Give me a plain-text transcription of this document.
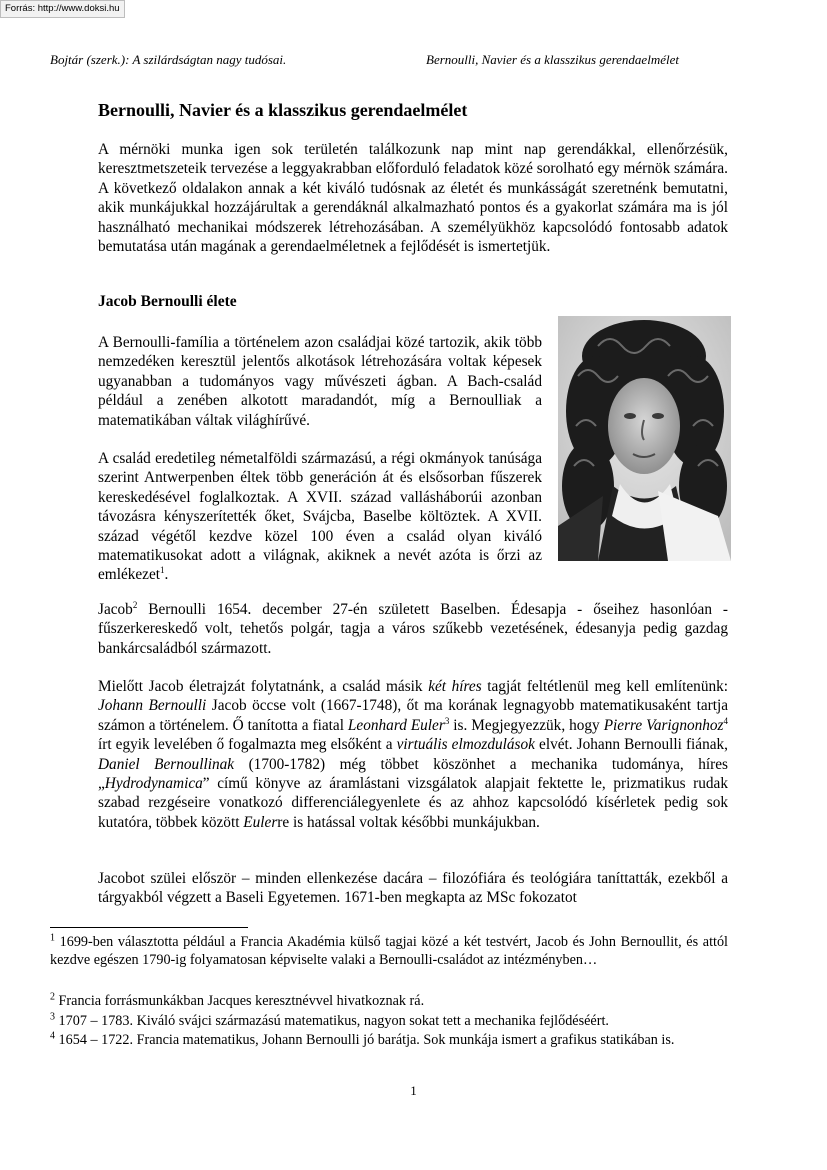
Forrás: http://www.doksi.hu
Bojtár (szerk.): A szilárdságtan nagy tudósai.	Bernoulli, Navier és a klasszikus gerendaelmélet
Bernoulli, Navier és a klasszikus gerendaelmélet

A mérnöki munka igen sok területén találkozunk nap mint nap gerendákkal, ellenőrzésük, keresztmetszeteik tervezése a leggyakrabban előforduló feladatok közé sorolható egy mérnök számára. A következő oldalakon annak a két kiváló tudósnak az életét és munkásságát szeretnénk bemutatni, akik munkájukkal hozzájárultak a gerendáknál alkalmazható pontos és a gyakorlat számára ma is jól használható mechanikai módszerek létrehozásában. A személyükhöz kapcsolódó fontosabb adatok bemutatása után magának a gerendaelméletnek a fejlődését is ismertetjük.

Jacob Bernoulli élete

A Bernoulli-família a történelem azon családjai közé tartozik, akik több nemzedéken keresztül jelentős alkotások létrehozására voltak képesek ugyanabban a tudományos vagy művészeti ágban. A Bach-család például a zenében alkotott maradandót, míg a Bernoulliak a matematikában váltak világhírűvé.

A család eredetileg németalföldi származású, a régi okmányok tanúsága szerint Antwerpenben éltek több generáción át és elsősorban fűszerek kereskedésével foglalkoztak. A XVII. század vallásháborúi azonban távozásra kényszerítették őket, Svájcba, Baselbe költöztek. A XVII. század végétől kezdve közel 100 éven a család olyan kiváló matematikusokat adott a világnak, akiknek a nevét azóta is őrzi az emlékezet$^1$.

Jacob$^2$ Bernoulli 1654. december 27-én született Baselben. Édesapja - őseihez hasonlóan - fűszerkereskedő volt, tehetős polgár, tagja a város szűkebb vezetésének, édesanyja pedig gazdag bankárcsaládból származott.

Mielőtt Jacob életrajzát folytatnánk, a család másik két híres tagját feltétlenül meg kell említenünk: Johann Bernoulli Jacob öccse volt (1667-1748), őt ma korának legnagyobb matematikusaként tartja számon a történelem. Ő tanította a fiatal Leonhard Euler$^3$ is. Megjegyezzük, hogy Pierre Varignonhoz$^4$ írt egyik levelében ő fogalmazta meg elsőként a virtuális elmozdulások elvét. Johann Bernoulli fiának, Daniel Bernoullinak (1700-1782) még többet köszönhet a mechanika tudománya, híres „Hydrodynamica” című könyve az áramlástani vizsgálatok alapjait fektette le, prizmatikus rudak szabad rezgéseire vonatkozó differenciálegyenlete és az ahhoz kapcsolódó kísérletek pedig sok kutatóra, többek között Eulerre is hatással voltak későbbi munkájukban.

Jacobot szülei először – minden ellenkezése dacára – filozófiára és teológiára taníttatták, ezekből a tárgyakból végzett a Baseli Egyetemen. 1671-ben megkapta az MSc fokozatot

$^1$ 1699-ben választotta például a Francia Akadémia külső tagjai közé a két testvért, Jacob és John Bernoullit, és attól kezdve egészen 1790-ig folyamatosan képviselte valaki a Bernoulli-családot az intézményben…

$^2$ Francia forrásmunkákban Jacques keresztnévvel hivatkoznak rá.

$^3$ 1707 – 1783. Kiváló svájci származású matematikus, nagyon sokat tett a mechanika fejlődéséért.

$^4$ 1654 – 1722. Francia matematikus, Johann Bernoulli jó barátja. Sok munkája ismert a grafikus statikában is.

1
